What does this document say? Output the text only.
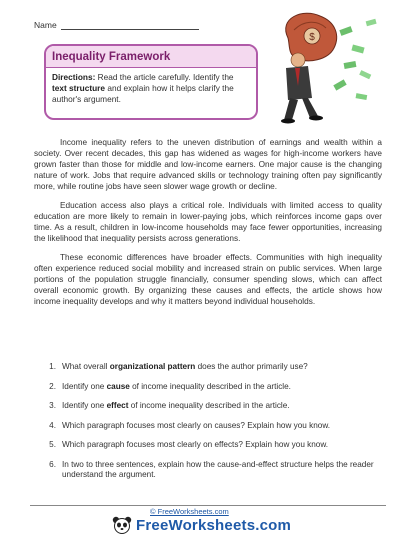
Name
Inequality Framework
Directions: Read the article carefully. Identify the text structure and explain how it helps clarify the author's argument.
$

Income inequality refers to the uneven distribution of earnings and wealth within a society. Over recent decades, this gap has widened as wages for high-income workers have grown faster than those for middle and low-income earners. One major cause is the changing nature of work. Jobs that require advanced skills or technology training often pay significantly more, while routine jobs have seen slower wage growth or decline.

Education access also plays a critical role. Individuals with limited access to quality education are more likely to remain in lower-paying jobs, which reinforces income gaps over time. As a result, children in low-income households may face fewer opportunities, increasing the likelihood that inequality persists across generations.

These economic differences have broader effects. Communities with high inequality often experience reduced social mobility and increased strain on public services. When large portions of the population struggle financially, consumer spending slows, which can affect overall economic growth. By organizing these causes and effects, the article shows how income inequality develops and why it matters beyond individual households.

1. What overall organizational pattern does the author primarily use?
2. Identify one cause of income inequality described in the article.
3. Identify one effect of income inequality described in the article.
4. Which paragraph focuses most clearly on causes? Explain how you know.
5. Which paragraph focuses most clearly on effects? Explain how you know.
6. In two to three sentences, explain how the cause-and-effect structure helps the reader understand the argument.
© FreeWorksheets.com
FreeWorksheets.com
